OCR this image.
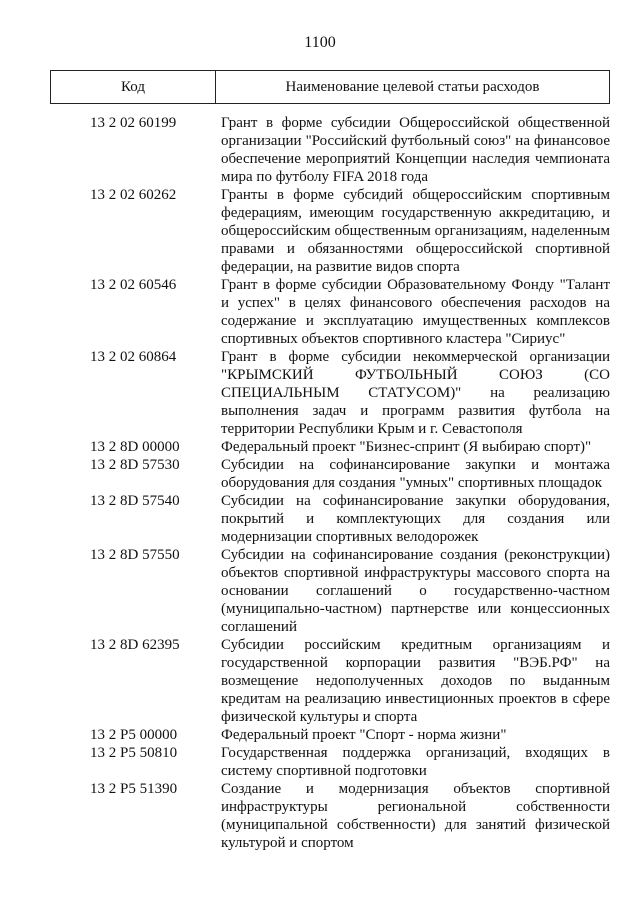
1100
Код	Наименование целевой статьи расходов
13 2 02 60199	Грант в форме субсидии Общероссийской общественной организации "Российский футбольный союз" на финансовое обеспечение мероприятий Концепции наследия чемпионата мира по футболу FIFA 2018 года
13 2 02 60262	Гранты в форме субсидий общероссийским спортивным федерациям, имеющим государственную аккредитацию, и общероссийским общественным организациям, наделенным правами и обязанностями общероссийской спортивной федерации, на развитие видов спорта
13 2 02 60546	Грант в форме субсидии Образовательному Фонду "Талант и успех" в целях финансового обеспечения расходов на содержание и эксплуатацию имущественных комплексов спортивных объектов спортивного кластера "Сириус"
13 2 02 60864	Грант в форме субсидии некоммерческой организации "КРЫМСКИЙ ФУТБОЛЬНЫЙ СОЮЗ (СО СПЕЦИАЛЬНЫМ СТАТУСОМ)" на реализацию выполнения задач и программ развития футбола на территории Республики Крым и г. Севастополя
13 2 8D 00000	Федеральный проект "Бизнес-спринт (Я выбираю спорт)"
13 2 8D 57530	Субсидии на софинансирование закупки и монтажа оборудования для создания "умных" спортивных площадок
13 2 8D 57540	Субсидии на софинансирование закупки оборудования, покрытий и комплектующих для создания или модернизации спортивных велодорожек
13 2 8D 57550	Субсидии на софинансирование создания (реконструкции) объектов спортивной инфраструктуры массового спорта на основании соглашений о государственно-частном (муниципально-частном) партнерстве или концессионных соглашений
13 2 8D 62395	Субсидии российским кредитным организациям и государственной корпорации развития "ВЭБ.РФ" на возмещение недополученных доходов по выданным кредитам на реализацию инвестиционных проектов в сфере физической культуры и спорта
13 2 P5 00000	Федеральный проект "Спорт - норма жизни"
13 2 P5 50810	Государственная поддержка организаций, входящих в систему спортивной подготовки
13 2 P5 51390	Создание и модернизация объектов спортивной инфраструктуры региональной собственности (муниципальной собственности) для занятий физической культурой и спортом
